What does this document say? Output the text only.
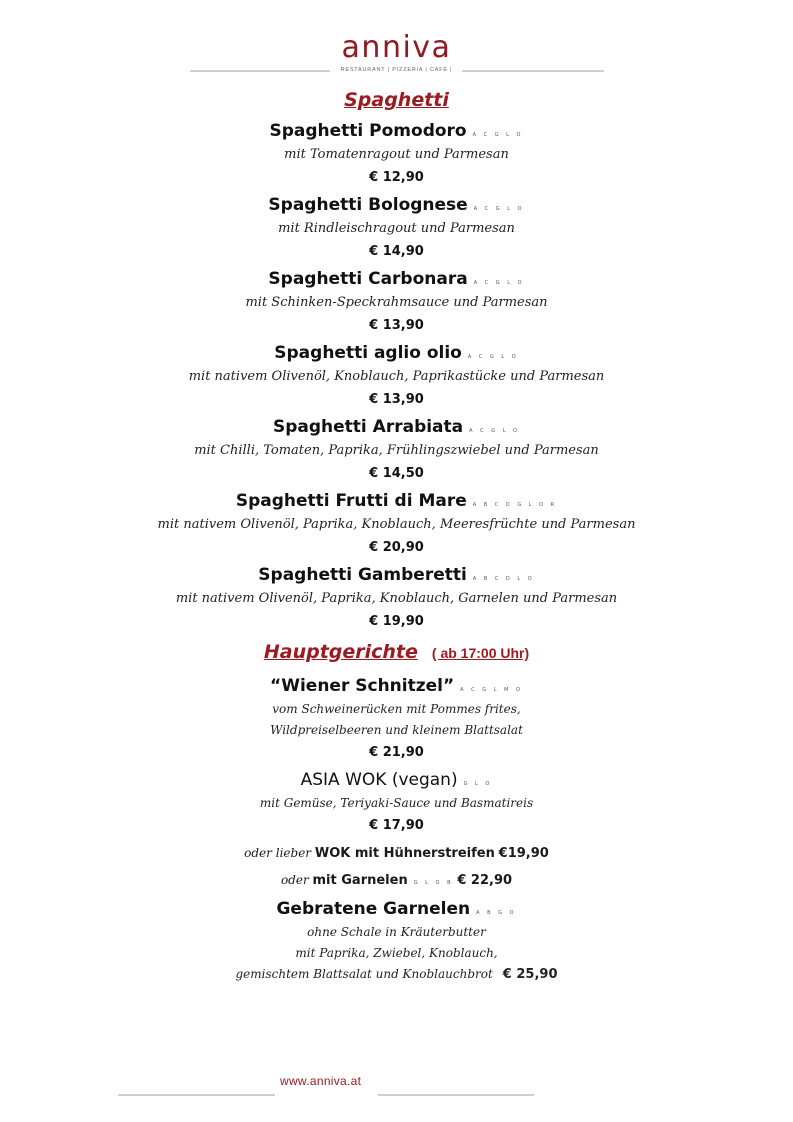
anniva
RESTAURANT | PIZZERIA | CAFÉ |
Spaghetti
Spaghetti Pomodoro A C G L O
mit Tomatenragout und Parmesan
€ 12,90
Spaghetti Bolognese A C G L O
mit Rindleischragout und Parmesan
€ 14,90
Spaghetti Carbonara A C G L O
mit Schinken-Speckrahmsauce und Parmesan
€ 13,90
Spaghetti aglio olio A C G L O
mit nativem Olivenöl, Knoblauch, Paprikastücke und Parmesan
€ 13,90
Spaghetti Arrabiata A C G L O
mit Chilli, Tomaten, Paprika, Frühlingszwiebel und Parmesan
€ 14,50
Spaghetti Frutti di Mare A B C D G L O R
mit nativem Olivenöl, Paprika, Knoblauch, Meeresfrüchte und Parmesan
€ 20,90
Spaghetti Gamberetti A B C D L O
mit nativem Olivenöl, Paprika, Knoblauch, Garnelen und Parmesan
€ 19,90
Hauptgerichte ( ab 17:00 Uhr)
“Wiener Schnitzel” A C G L M O
vom Schweinerücken mit Pommes frites,
Wildpreiselbeeren und kleinem Blattsalat
€ 21,90
ASIA WOK (vegan) G L O
mit Gemüse, Teriyaki-Sauce und Basmatireis
€ 17,90
oder lieber WOK mit Hühnerstreifen €19,90
oder mit Garnelen G L O B € 22,90
Gebratene Garnelen A B G O
ohne Schale in Kräuterbutter
mit Paprika, Zwiebel, Knoblauch,
gemischtem Blattsalat und Knoblauchbrot € 25,90
www.anniva.at
